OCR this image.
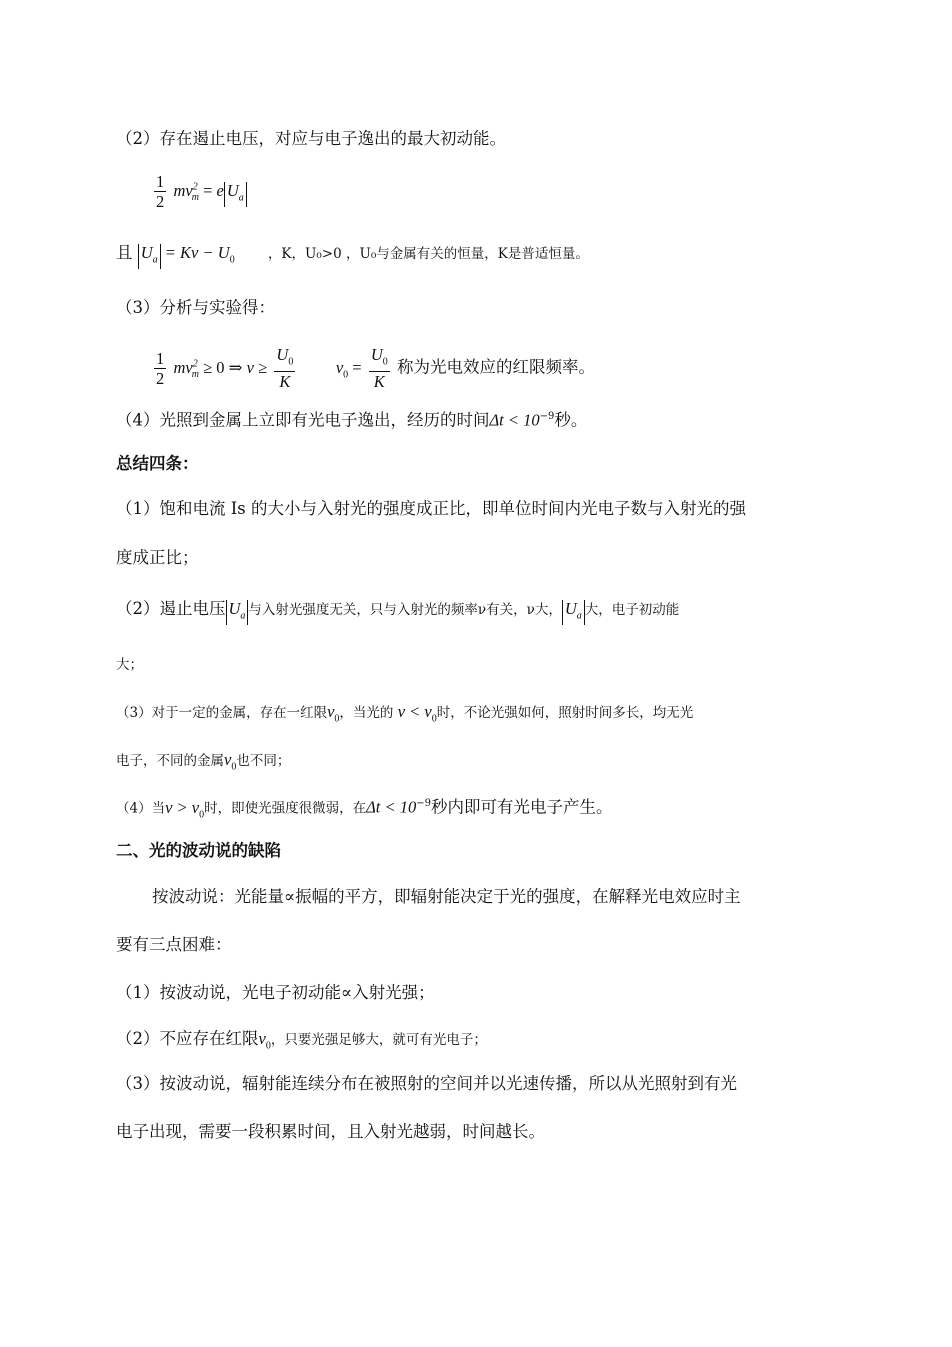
（2）存在遏止电压，对应与电子逸出的最大初动能。
$\frac{1}{2} mv^2_m = e$ $U_a$
且 $U_a = K\nu - U_0$ ，K，U₀>0 ，U₀与金属有关的恒量，K是普适恒量。
（3）分析与实验得：
$\frac{1}{2} mv^2_m \ge 0$ ⇒ $\nu \ge \frac{U_0}{K} \nu_0 = \frac{U_0}{K}$ 称为光电效应的红限频率。
（4）光照到金属上立即有光电子逸出，经历的时间$\Delta t < 10^{-9}$秒。
总结四条：
（1）饱和电流 Is 的大小与入射光的强度成正比，即单位时间内光电子数与入射光的强
度成正比；
（2）遏止电压 $U_a$ 与入射光强度无关，只与入射光的频率ν有关，ν大， $U_a$ 大，电子初动能
大；
（3）对于一定的金属，存在一红限$\nu_0$，当光的 $\nu < \nu_0$时，不论光强如何，照射时间多长，均无光
电子，不同的金属$\nu_0$也不同；
（4）当$\nu > \nu_0$时，即使光强度很微弱，在$\Delta t < 10^{-9}$秒内即可有光电子产生。
二、光的波动说的缺陷
按波动说：光能量∝振幅的平方，即辐射能决定于光的强度，在解释光电效应时主
要有三点困难：
（1）按波动说，光电子初动能∝入射光强；
（2）不应存在红限$\nu_0$，只要光强足够大，就可有光电子；
（3）按波动说，辐射能连续分布在被照射的空间并以光速传播，所以从光照射到有光
电子出现，需要一段积累时间，且入射光越弱，时间越长。
